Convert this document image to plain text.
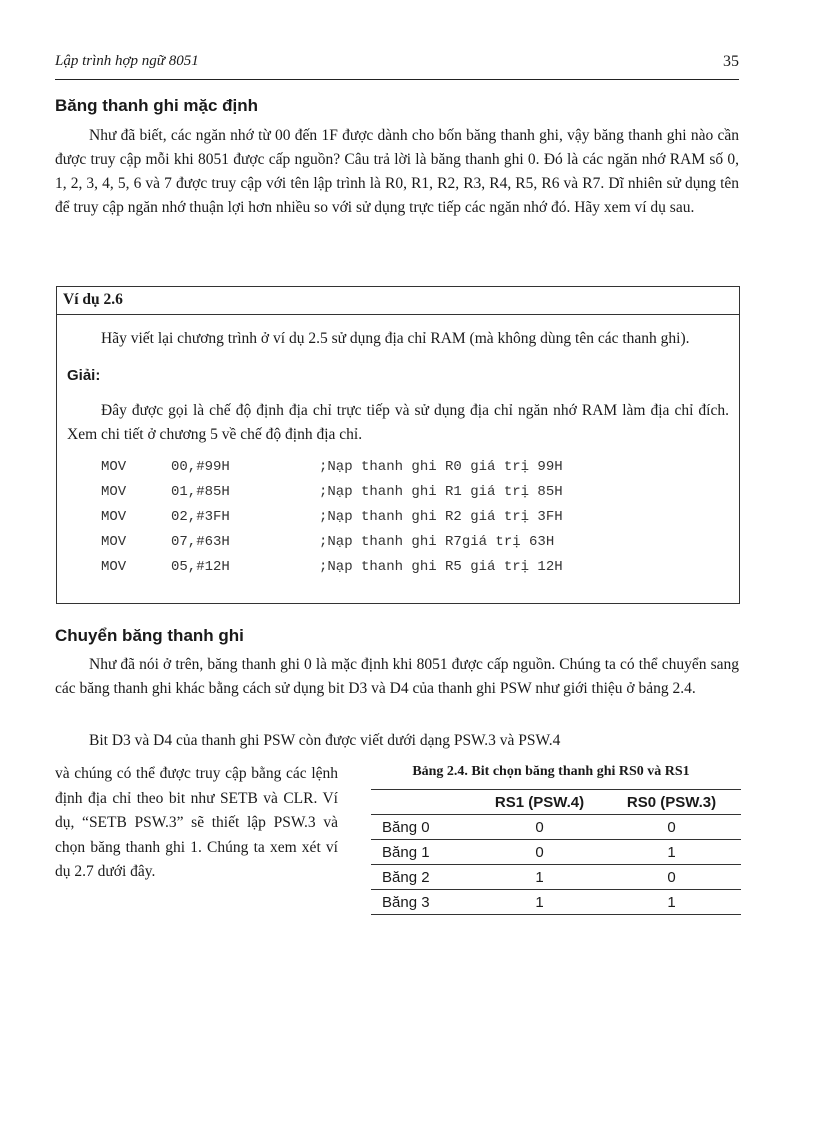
Lập trình hợp ngữ 8051	35
Băng thanh ghi mặc định

Như đã biết, các ngăn nhớ từ 00 đến 1F được dành cho bốn băng thanh ghi, vậy băng thanh ghi nào cần được truy cập mỗi khi 8051 được cấp nguồn? Câu trả lời là băng thanh ghi 0. Đó là các ngăn nhớ RAM số 0, 1, 2, 3, 4, 5, 6 và 7 được truy cập với tên lập trình là R0, R1, R2, R3, R4, R5, R6 và R7. Dĩ nhiên sử dụng tên để truy cập ngăn nhớ thuận lợi hơn nhiều so với sử dụng trực tiếp các ngăn nhớ đó. Hãy xem ví dụ sau.

Ví dụ 2.6

Hãy viết lại chương trình ở ví dụ 2.5 sử dụng địa chỉ RAM (mà không dùng tên các thanh ghi).

Giải:

Đây được gọi là chế độ định địa chỉ trực tiếp và sử dụng địa chỉ ngăn nhớ RAM làm địa chỉ đích. Xem chi tiết ở chương 5 về chế độ định địa chỉ.

MOV	00,#99H	;Nạp thanh ghi R0 giá trị 99H
MOV	01,#85H	;Nạp thanh ghi R1 giá trị 85H
MOV	02,#3FH	;Nạp thanh ghi R2 giá trị 3FH
MOV	07,#63H	;Nạp thanh ghi R7giá trị 63H
MOV	05,#12H	;Nạp thanh ghi R5 giá trị 12H
Chuyển băng thanh ghi

Như đã nói ở trên, băng thanh ghi 0 là mặc định khi 8051 được cấp nguồn. Chúng ta có thể chuyển sang các băng thanh ghi khác bằng cách sử dụng bit D3 và D4 của thanh ghi PSW như giới thiệu ở bảng 2.4.

Bit D3 và D4 của thanh ghi PSW còn được viết dưới dạng PSW.3 và PSW.4

và chúng có thể được truy cập bằng các lệnh định địa chỉ theo bit như SETB và CLR. Ví dụ, “SETB PSW.3” sẽ thiết lập PSW.3 và chọn băng thanh ghi 1. Chúng ta xem xét ví dụ 2.7 dưới đây.

Bảng 2.4. Bit chọn băng thanh ghi RS0 và RS1
	RS1 (PSW.4)	RS0 (PSW.3)
Băng 0	0	0
Băng 1	0	1
Băng 2	1	0
Băng 3	1	1
